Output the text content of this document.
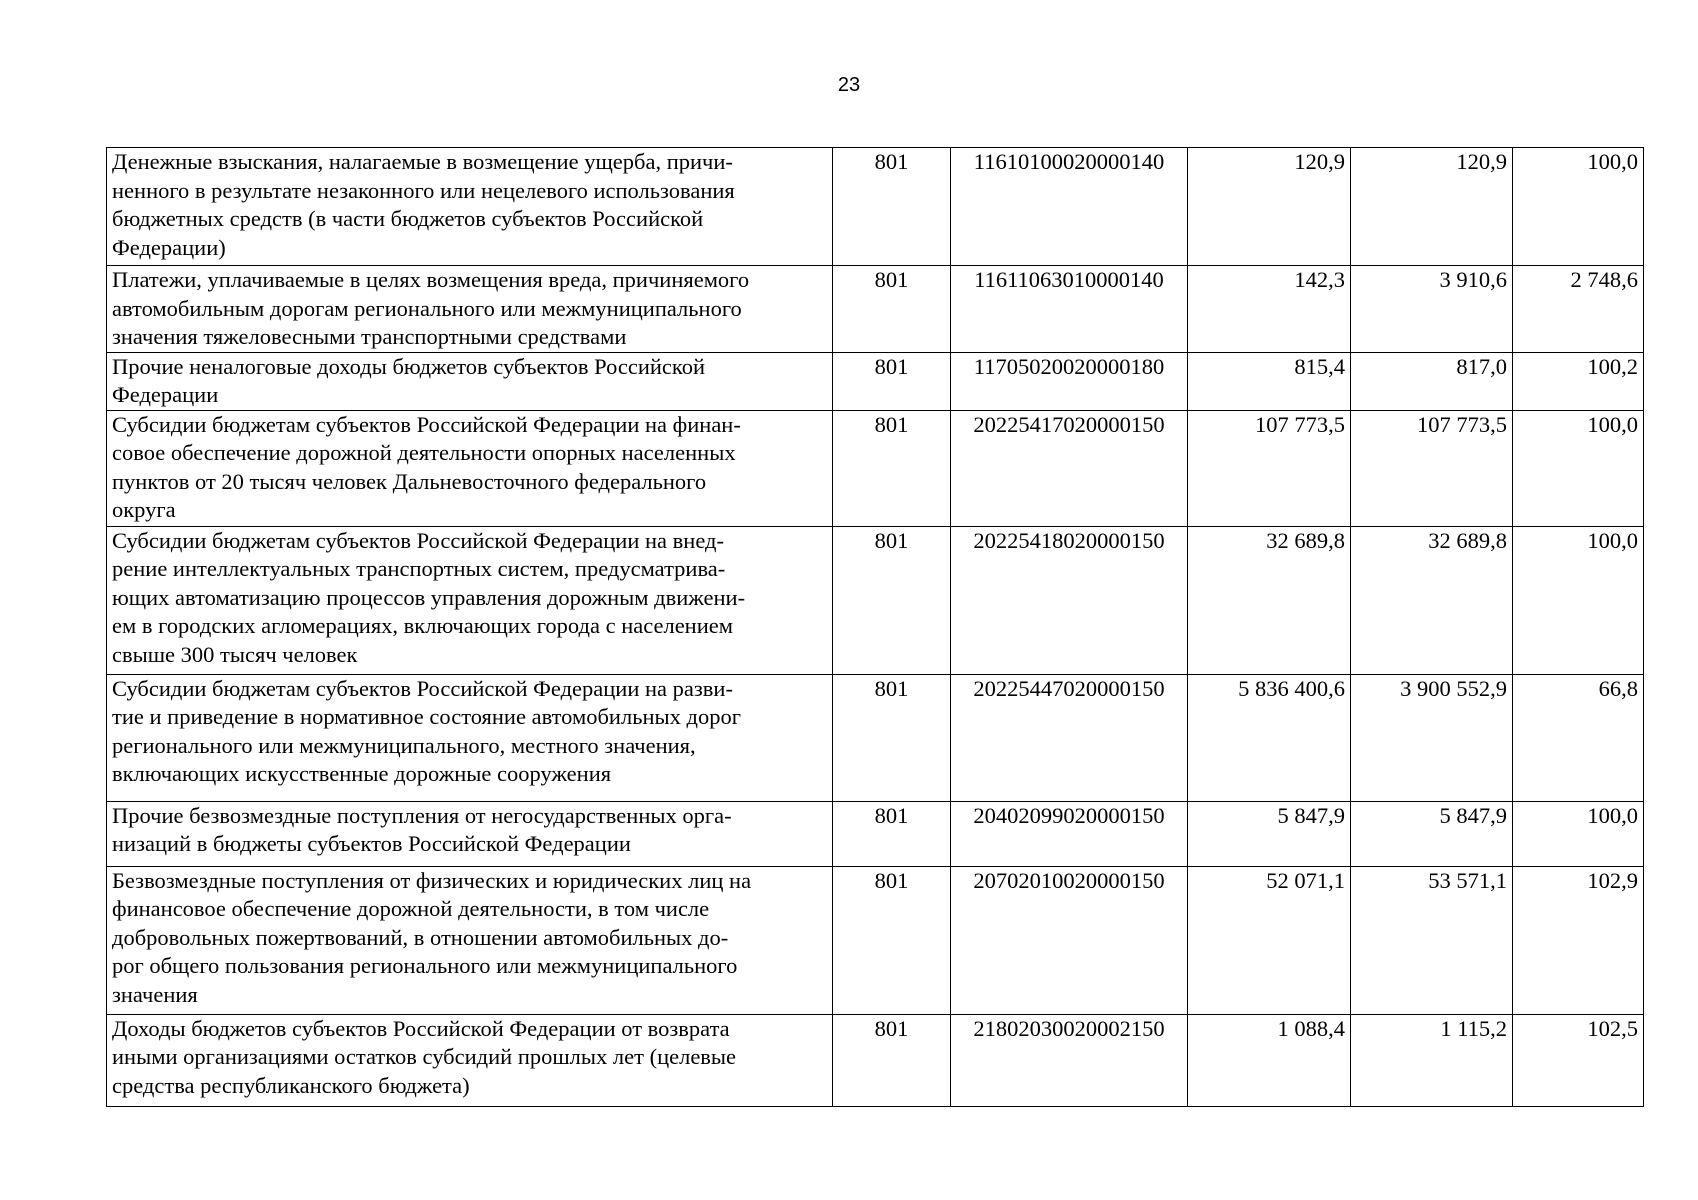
23
Денежные взыскания, налагаемые в возмещение ущерба, причи-
ненного в результате незаконного или нецелевого использования
бюджетных средств (в части бюджетов субъектов Российской
Федерации)	801	11610100020000140	120,9	120,9	100,0

Платежи, уплачиваемые в целях возмещения вреда, причиняемого
автомобильным дорогам регионального или межмуниципального
значения тяжеловесными транспортными средствами	801	11611063010000140	142,3	3 910,6	2 748,6

Прочие неналоговые доходы бюджетов субъектов Российской
Федерации	801	11705020020000180	815,4	817,0	100,2

Субсидии бюджетам субъектов Российской Федерации на финан-
совое обеспечение дорожной деятельности опорных населенных
пунктов от 20 тысяч человек Дальневосточного федерального
округа	801	20225417020000150	107 773,5	107 773,5	100,0

Субсидии бюджетам субъектов Российской Федерации на внед-
рение интеллектуальных транспортных систем, предусматрива-
ющих автоматизацию процессов управления дорожным движени-
ем в городских агломерациях, включающих города с населением
свыше 300 тысяч человек	801	20225418020000150	32 689,8	32 689,8	100,0

Субсидии бюджетам субъектов Российской Федерации на разви-
тие и приведение в нормативное состояние автомобильных дорог
регионального или межмуниципального, местного значения,
включающих искусственные дорожные сооружения	801	20225447020000150	5 836 400,6	3 900 552,9	66,8

Прочие безвозмездные поступления от негосударственных орга-
низаций в бюджеты субъектов Российской Федерации	801	20402099020000150	5 847,9	5 847,9	100,0

Безвозмездные поступления от физических и юридических лиц на
финансовое обеспечение дорожной деятельности, в том числе
добровольных пожертвований, в отношении автомобильных до-
рог общего пользования регионального или межмуниципального
значения	801	20702010020000150	52 071,1	53 571,1	102,9

Доходы бюджетов субъектов Российской Федерации от возврата
иными организациями остатков субсидий прошлых лет (целевые
средства республиканского бюджета)	801	21802030020002150	1 088,4	1 115,2	102,5
